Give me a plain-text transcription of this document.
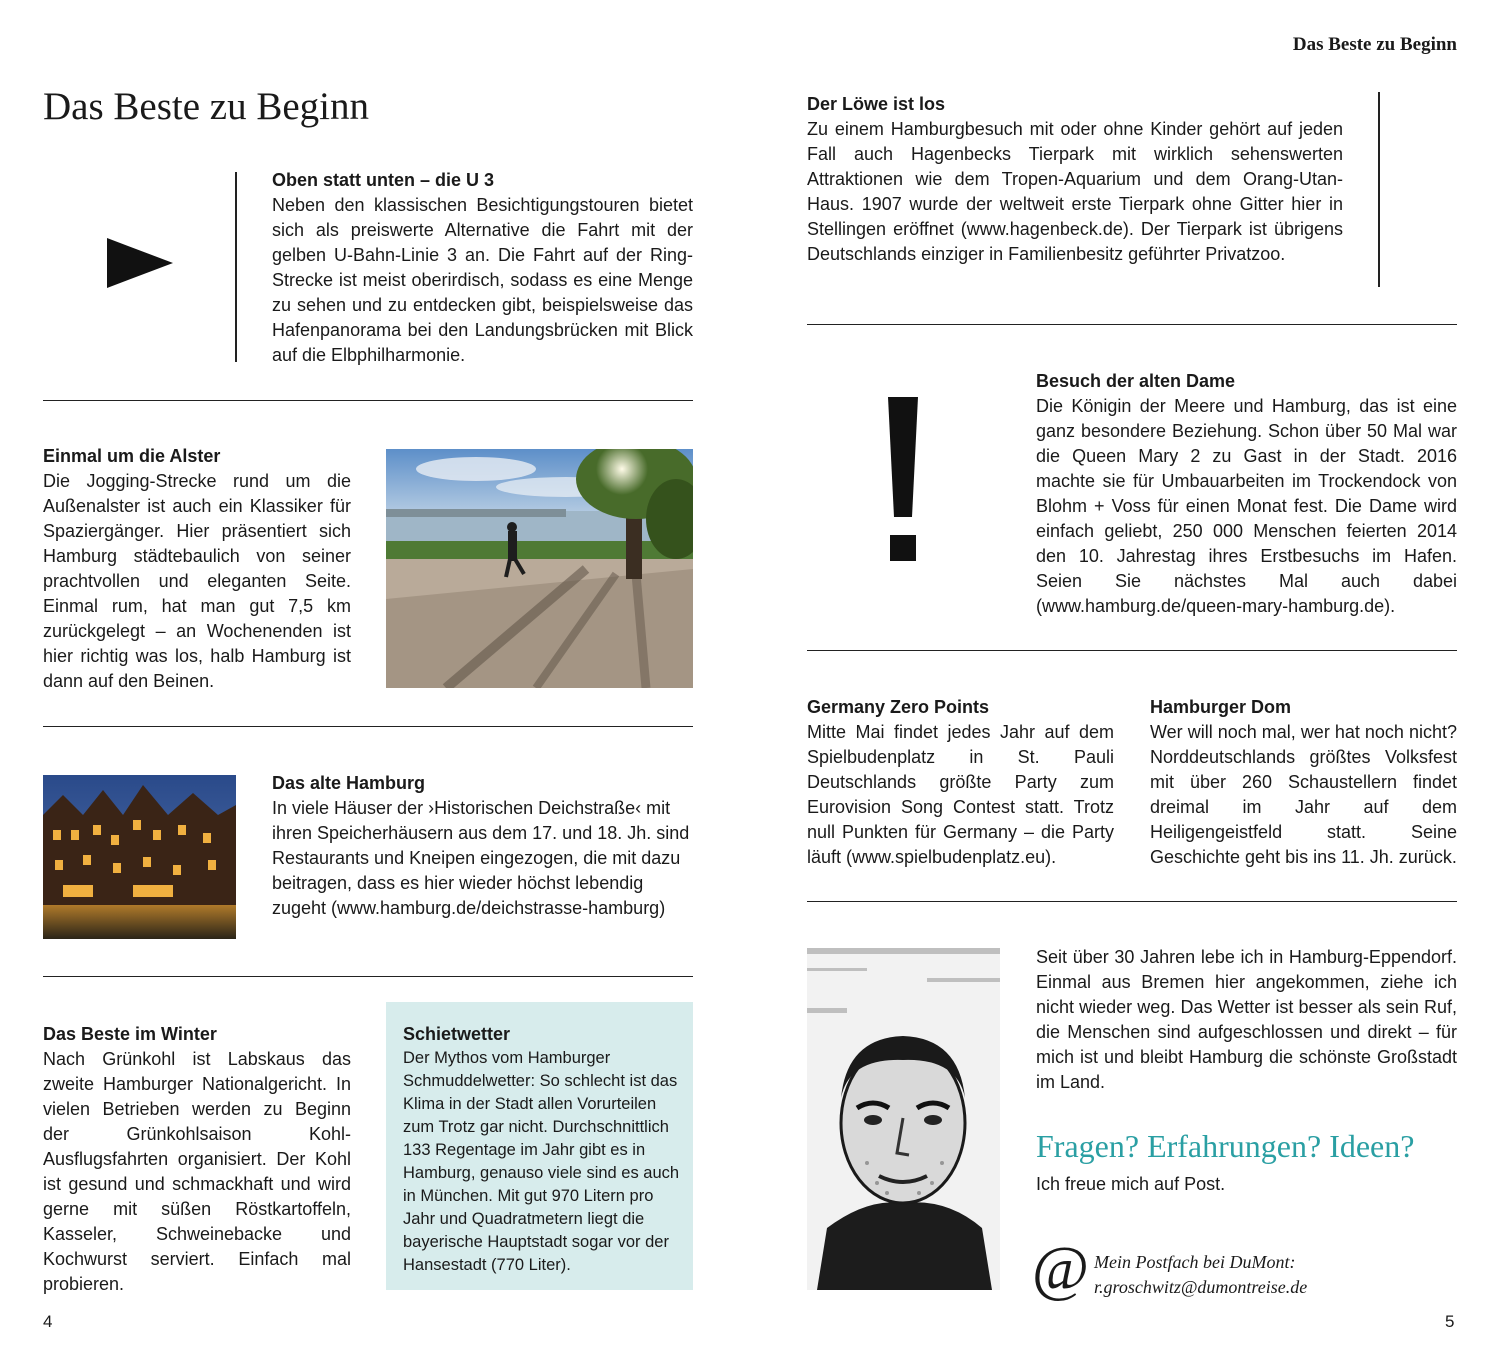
Das Beste zu Beginn
Das Beste zu Beginn

Oben statt unten – die U 3

Neben den klassischen Besichtigungstouren bietet sich als preiswerte Alternative die Fahrt mit der gelben U-Bahn-Linie 3 an. Die Fahrt auf der Ring-Strecke ist meist oberirdisch, sodass es eine Menge zu sehen und zu entdecken gibt, beispielsweise das Hafenpanorama bei den Landungsbrücken mit Blick auf die Elbphilharmonie.

Einmal um die Alster

Die Jogging-Strecke rund um die Außenalster ist auch ein Klassiker für Spaziergänger. Hier präsentiert sich Hamburg städtebaulich von seiner prachtvollen und eleganten Seite. Einmal rum, hat man gut 7,5 km zurückgelegt – an Wochenenden ist hier richtig was los, halb Hamburg ist dann auf den Beinen.

Das alte Hamburg

In viele Häuser der ›Historischen Deichstraße‹ mit ihren Speicherhäusern aus dem 17. und 18. Jh. sind Restaurants und Kneipen eingezogen, die mit dazu beitragen, dass es hier wieder höchst lebendig zugeht (www.hamburg.de/deichstrasse-hamburg)

Das Beste im Winter

Nach Grünkohl ist Labskaus das zweite Hamburger Nationalgericht. In vielen Betrieben werden zu Beginn der Grünkohlsaison Kohl-Ausflugsfahrten organisiert. Der Kohl ist gesund und schmackhaft und wird gerne mit süßen Röstkartoffeln, Kasseler, Schweinebacke und Kochwurst serviert. Einfach mal probieren.

Schietwetter

Der Mythos vom Hamburger Schmuddelwetter: So schlecht ist das Klima in der Stadt allen Vorurteilen zum Trotz gar nicht. Durchschnittlich 133 Regentage im Jahr gibt es in Hamburg, genauso viele sind es auch in München. Mit gut 970 Litern pro Jahr und Quadratmetern liegt die bayerische Hauptstadt sogar vor der Hansestadt (770 Liter).

4

Der Löwe ist los

Zu einem Hamburgbesuch mit oder ohne Kinder gehört auf jeden Fall auch Hagenbecks Tierpark mit wirklich sehenswerten Attraktionen wie dem Tropen-Aquarium und dem Orang-Utan-Haus. 1907 wurde der weltweit erste Tierpark ohne Gitter hier in Stellingen eröffnet (www.hagenbeck.de). Der Tierpark ist übrigens Deutschlands einziger in Familienbesitz geführter Privatzoo.

Besuch der alten Dame

Die Königin der Meere und Hamburg, das ist eine ganz besondere Beziehung. Schon über 50 Mal war die Queen Mary 2 zu Gast in der Stadt. 2016 machte sie für Umbauarbeiten im Trockendock von Blohm + Voss für einen Monat fest. Die Dame wird einfach geliebt, 250 000 Menschen feierten 2014 den 10. Jahrestag ihres Erstbesuchs im Hafen. Seien Sie nächstes Mal auch dabei (www.hamburg.de/queen-mary-hamburg.de).

Germany Zero Points

Mitte Mai findet jedes Jahr auf dem Spielbudenplatz in St. Pauli Deutschlands größte Party zum Eurovision Song Contest statt. Trotz null Punkten für Germany – die Party läuft (www.spielbudenplatz.eu).

Hamburger Dom

Wer will noch mal, wer hat noch nicht? Norddeutschlands größtes Volksfest mit über 260 Schaustellern findet dreimal im Jahr auf dem Heiligengeistfeld statt. Seine Geschichte geht bis ins 11. Jh. zurück.

Seit über 30 Jahren lebe ich in Hamburg-Eppendorf. Einmal aus Bremen hier angekommen, ziehe ich nicht wieder weg. Das Wetter ist besser als sein Ruf, die Menschen sind aufgeschlossen und direkt – für mich ist und bleibt Hamburg die schönste Großstadt im Land.

Fragen? Erfahrungen? Ideen?
Ich freue mich auf Post.
@ Mein Postfach bei DuMont:
r.groschwitz@dumontreise.de
5
